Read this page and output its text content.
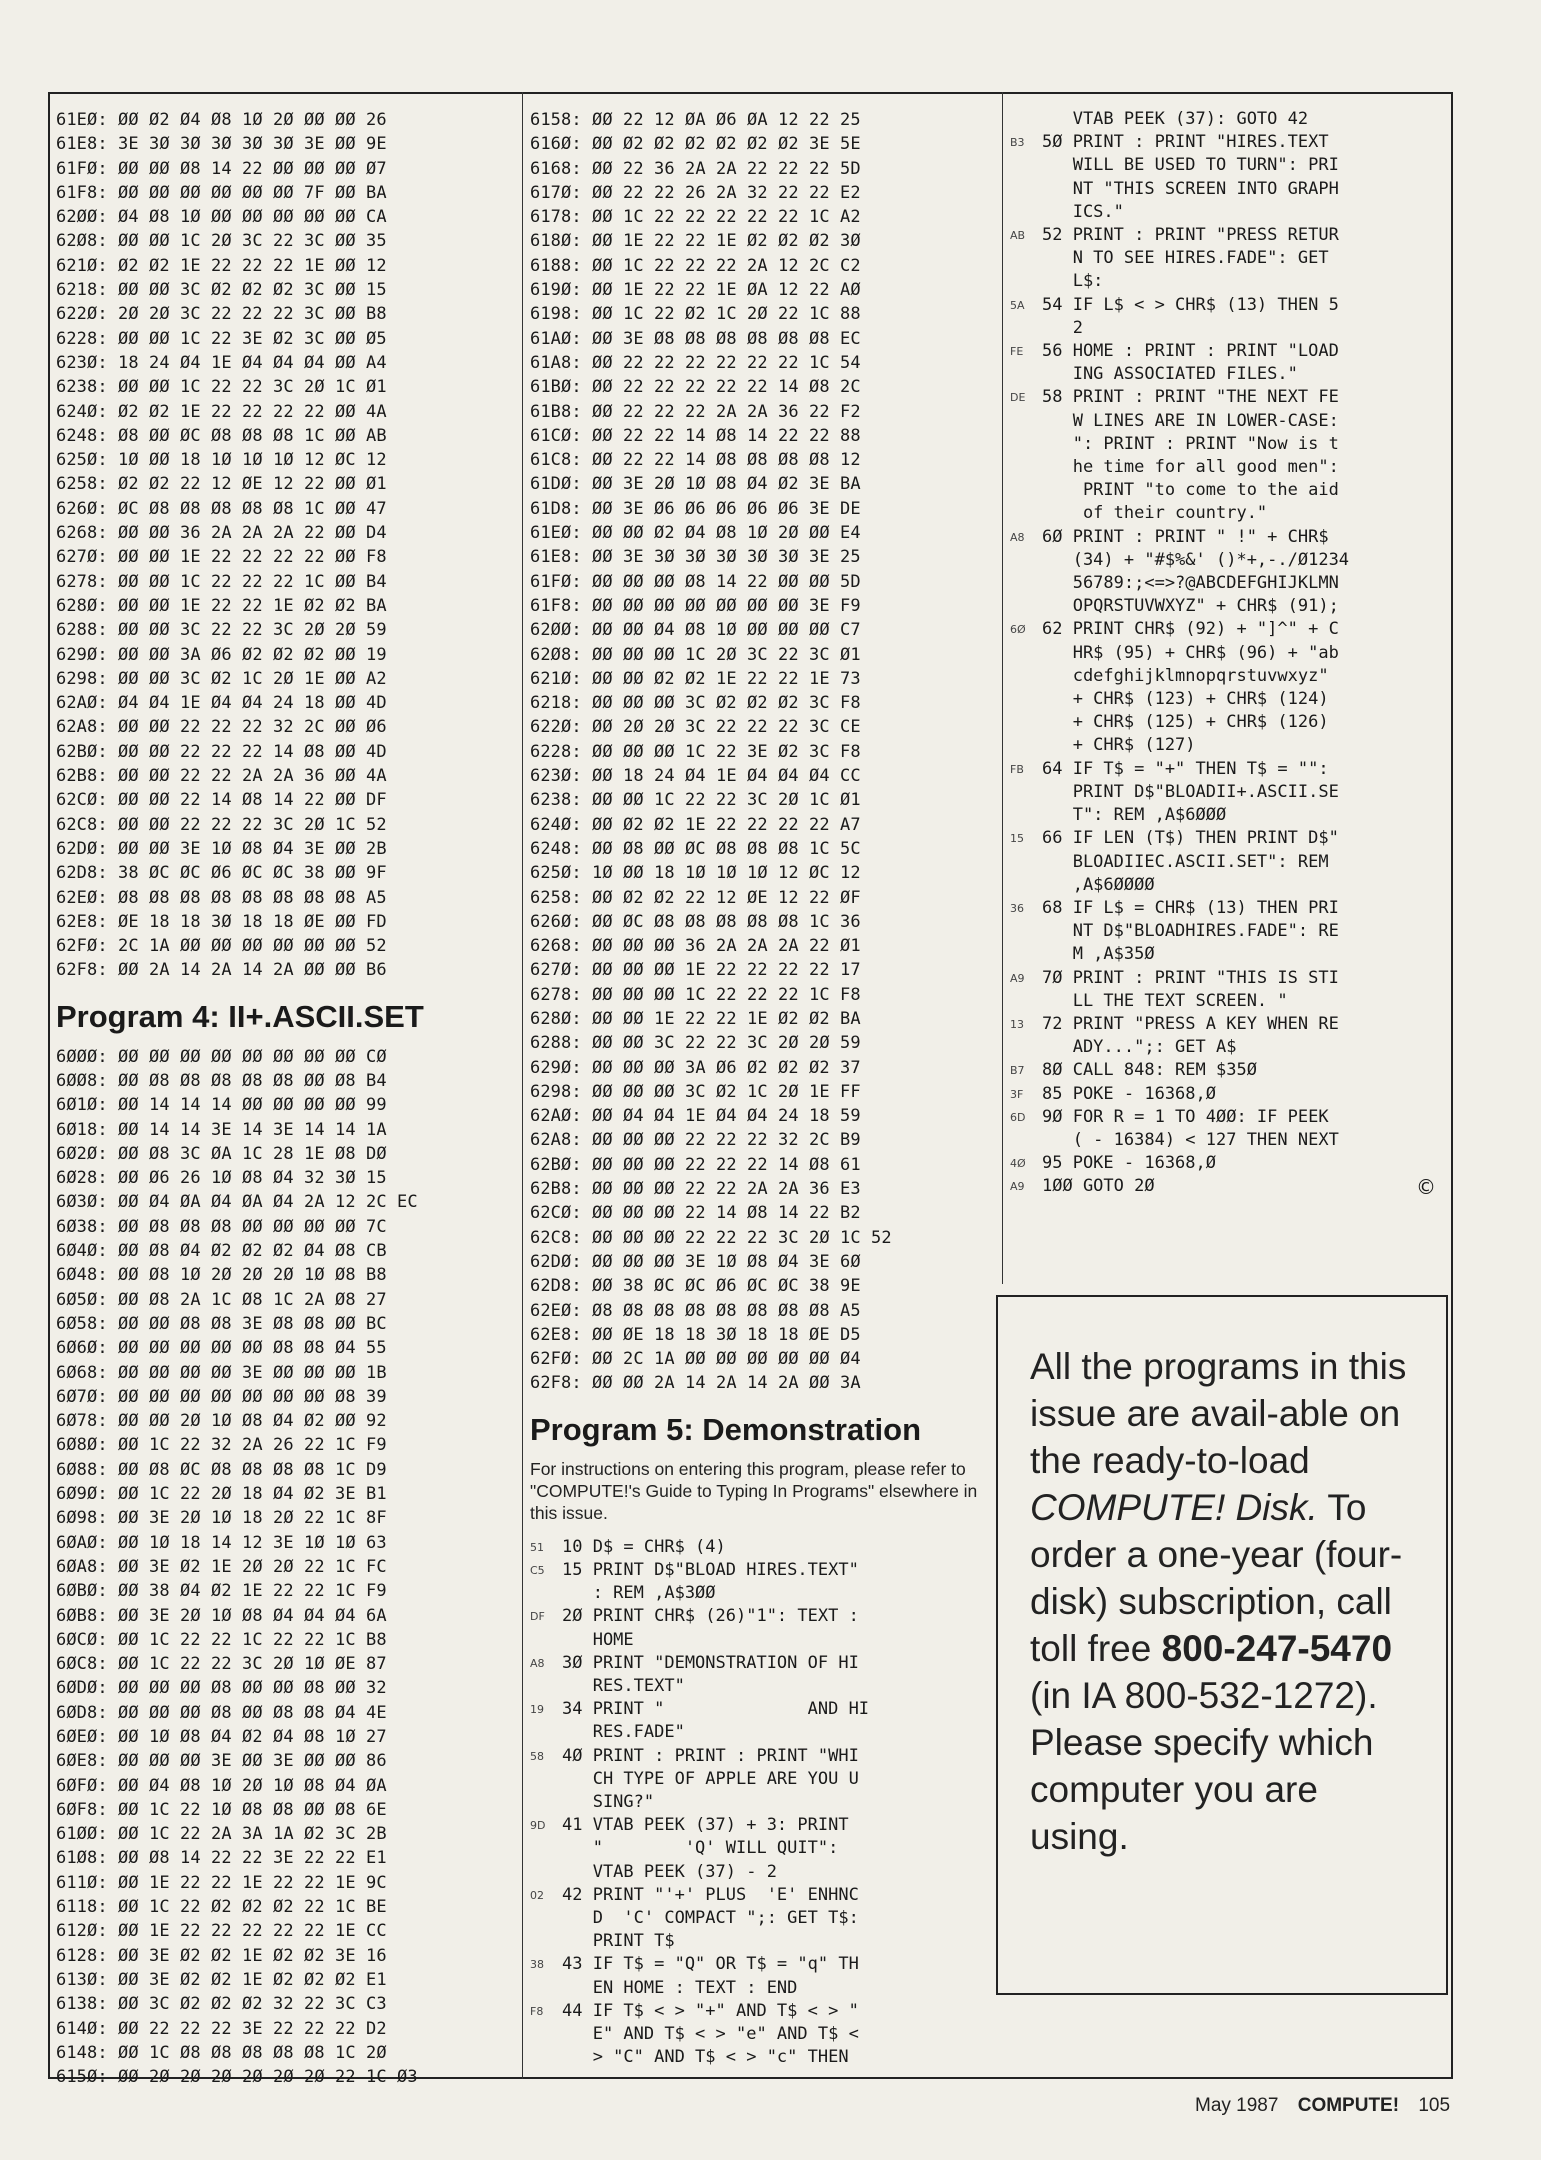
61EØ: ØØ Ø2 Ø4 Ø8 1Ø 2Ø ØØ ØØ 26
61E8: 3E 3Ø 3Ø 3Ø 3Ø 3Ø 3E ØØ 9E
61FØ: ØØ ØØ Ø8 14 22 ØØ ØØ ØØ Ø7
61F8: ØØ ØØ ØØ ØØ ØØ ØØ 7F ØØ BA
62ØØ: Ø4 Ø8 1Ø ØØ ØØ ØØ ØØ ØØ CA
62Ø8: ØØ ØØ 1C 2Ø 3C 22 3C ØØ 35
621Ø: Ø2 Ø2 1E 22 22 22 1E ØØ 12
6218: ØØ ØØ 3C Ø2 Ø2 Ø2 3C ØØ 15
622Ø: 2Ø 2Ø 3C 22 22 22 3C ØØ B8
6228: ØØ ØØ 1C 22 3E Ø2 3C ØØ Ø5
623Ø: 18 24 Ø4 1E Ø4 Ø4 Ø4 ØØ A4
6238: ØØ ØØ 1C 22 22 3C 2Ø 1C Ø1
624Ø: Ø2 Ø2 1E 22 22 22 22 ØØ 4A
6248: Ø8 ØØ ØC Ø8 Ø8 Ø8 1C ØØ AB
625Ø: 1Ø ØØ 18 1Ø 1Ø 1Ø 12 ØC 12
6258: Ø2 Ø2 22 12 ØE 12 22 ØØ Ø1
626Ø: ØC Ø8 Ø8 Ø8 Ø8 Ø8 1C ØØ 47
6268: ØØ ØØ 36 2A 2A 2A 22 ØØ D4
627Ø: ØØ ØØ 1E 22 22 22 22 ØØ F8
6278: ØØ ØØ 1C 22 22 22 1C ØØ B4
628Ø: ØØ ØØ 1E 22 22 1E Ø2 Ø2 BA
6288: ØØ ØØ 3C 22 22 3C 2Ø 2Ø 59
629Ø: ØØ ØØ 3A Ø6 Ø2 Ø2 Ø2 ØØ 19
6298: ØØ ØØ 3C Ø2 1C 2Ø 1E ØØ A2
62AØ: Ø4 Ø4 1E Ø4 Ø4 24 18 ØØ 4D
62A8: ØØ ØØ 22 22 22 32 2C ØØ Ø6
62BØ: ØØ ØØ 22 22 22 14 Ø8 ØØ 4D
62B8: ØØ ØØ 22 22 2A 2A 36 ØØ 4A
62CØ: ØØ ØØ 22 14 Ø8 14 22 ØØ DF
62C8: ØØ ØØ 22 22 22 3C 2Ø 1C 52
62DØ: ØØ ØØ 3E 1Ø Ø8 Ø4 3E ØØ 2B
62D8: 38 ØC ØC Ø6 ØC ØC 38 ØØ 9F
62EØ: Ø8 Ø8 Ø8 Ø8 Ø8 Ø8 Ø8 Ø8 A5
62E8: ØE 18 18 3Ø 18 18 ØE ØØ FD
62FØ: 2C 1A ØØ ØØ ØØ ØØ ØØ ØØ 52
62F8: ØØ 2A 14 2A 14 2A ØØ ØØ B6
Program 4: II+.ASCII.SET
6ØØØ: ØØ ØØ ØØ ØØ ØØ ØØ ØØ ØØ CØ
6ØØ8: ØØ Ø8 Ø8 Ø8 Ø8 Ø8 ØØ Ø8 B4
6Ø1Ø: ØØ 14 14 14 ØØ ØØ ØØ ØØ 99
6Ø18: ØØ 14 14 3E 14 3E 14 14 1A
6Ø2Ø: ØØ Ø8 3C ØA 1C 28 1E Ø8 DØ
6Ø28: ØØ Ø6 26 1Ø Ø8 Ø4 32 3Ø 15
6Ø3Ø: ØØ Ø4 ØA Ø4 ØA Ø4 2A 12 2C EC
6Ø38: ØØ Ø8 Ø8 Ø8 ØØ ØØ ØØ ØØ 7C
6Ø4Ø: ØØ Ø8 Ø4 Ø2 Ø2 Ø2 Ø4 Ø8 CB
6Ø48: ØØ Ø8 1Ø 2Ø 2Ø 2Ø 1Ø Ø8 B8
6Ø5Ø: ØØ Ø8 2A 1C Ø8 1C 2A Ø8 27
6Ø58: ØØ ØØ Ø8 Ø8 3E Ø8 Ø8 ØØ BC
6Ø6Ø: ØØ ØØ ØØ ØØ ØØ Ø8 Ø8 Ø4 55
6Ø68: ØØ ØØ ØØ ØØ 3E ØØ ØØ ØØ 1B
6Ø7Ø: ØØ ØØ ØØ ØØ ØØ ØØ ØØ Ø8 39
6Ø78: ØØ ØØ 2Ø 1Ø Ø8 Ø4 Ø2 ØØ 92
6Ø8Ø: ØØ 1C 22 32 2A 26 22 1C F9
6Ø88: ØØ Ø8 ØC Ø8 Ø8 Ø8 Ø8 1C D9
6Ø9Ø: ØØ 1C 22 2Ø 18 Ø4 Ø2 3E B1
6Ø98: ØØ 3E 2Ø 1Ø 18 2Ø 22 1C 8F
6ØAØ: ØØ 1Ø 18 14 12 3E 1Ø 1Ø 63
6ØA8: ØØ 3E Ø2 1E 2Ø 2Ø 22 1C FC
6ØBØ: ØØ 38 Ø4 Ø2 1E 22 22 1C F9
6ØB8: ØØ 3E 2Ø 1Ø Ø8 Ø4 Ø4 Ø4 6A
6ØCØ: ØØ 1C 22 22 1C 22 22 1C B8
6ØC8: ØØ 1C 22 22 3C 2Ø 1Ø ØE 87
6ØDØ: ØØ ØØ ØØ Ø8 ØØ ØØ Ø8 ØØ 32
6ØD8: ØØ ØØ ØØ Ø8 ØØ Ø8 Ø8 Ø4 4E
6ØEØ: ØØ 1Ø Ø8 Ø4 Ø2 Ø4 Ø8 1Ø 27
6ØE8: ØØ ØØ ØØ 3E ØØ 3E ØØ ØØ 86
6ØFØ: ØØ Ø4 Ø8 1Ø 2Ø 1Ø Ø8 Ø4 ØA
6ØF8: ØØ 1C 22 1Ø Ø8 Ø8 ØØ Ø8 6E
61ØØ: ØØ 1C 22 2A 3A 1A Ø2 3C 2B
61Ø8: ØØ Ø8 14 22 22 3E 22 22 E1
611Ø: ØØ 1E 22 22 1E 22 22 1E 9C
6118: ØØ 1C 22 Ø2 Ø2 Ø2 22 1C BE
612Ø: ØØ 1E 22 22 22 22 22 1E CC
6128: ØØ 3E Ø2 Ø2 1E Ø2 Ø2 3E 16
613Ø: ØØ 3E Ø2 Ø2 1E Ø2 Ø2 Ø2 E1
6138: ØØ 3C Ø2 Ø2 Ø2 32 22 3C C3
614Ø: ØØ 22 22 22 3E 22 22 22 D2
6148: ØØ 1C Ø8 Ø8 Ø8 Ø8 Ø8 1C 2Ø
615Ø: ØØ 2Ø 2Ø 2Ø 2Ø 2Ø 2Ø 22 1C Ø3
6158: ØØ 22 12 ØA Ø6 ØA 12 22 25
616Ø: ØØ Ø2 Ø2 Ø2 Ø2 Ø2 Ø2 3E 5E
6168: ØØ 22 36 2A 2A 22 22 22 5D
617Ø: ØØ 22 22 26 2A 32 22 22 E2
6178: ØØ 1C 22 22 22 22 22 1C A2
618Ø: ØØ 1E 22 22 1E Ø2 Ø2 Ø2 3Ø
6188: ØØ 1C 22 22 22 2A 12 2C C2
619Ø: ØØ 1E 22 22 1E ØA 12 22 AØ
6198: ØØ 1C 22 Ø2 1C 2Ø 22 1C 88
61AØ: ØØ 3E Ø8 Ø8 Ø8 Ø8 Ø8 Ø8 EC
61A8: ØØ 22 22 22 22 22 22 1C 54
61BØ: ØØ 22 22 22 22 22 14 Ø8 2C
61B8: ØØ 22 22 22 2A 2A 36 22 F2
61CØ: ØØ 22 22 14 Ø8 14 22 22 88
61C8: ØØ 22 22 14 Ø8 Ø8 Ø8 Ø8 12
61DØ: ØØ 3E 2Ø 1Ø Ø8 Ø4 Ø2 3E BA
61D8: ØØ 3E Ø6 Ø6 Ø6 Ø6 Ø6 3E DE
61EØ: ØØ ØØ Ø2 Ø4 Ø8 1Ø 2Ø ØØ E4
61E8: ØØ 3E 3Ø 3Ø 3Ø 3Ø 3Ø 3E 25
61FØ: ØØ ØØ ØØ Ø8 14 22 ØØ ØØ 5D
61F8: ØØ ØØ ØØ ØØ ØØ ØØ ØØ 3E F9
62ØØ: ØØ ØØ Ø4 Ø8 1Ø ØØ ØØ ØØ C7
62Ø8: ØØ ØØ ØØ 1C 2Ø 3C 22 3C Ø1
621Ø: ØØ ØØ Ø2 Ø2 1E 22 22 1E 73
6218: ØØ ØØ ØØ 3C Ø2 Ø2 Ø2 3C F8
622Ø: ØØ 2Ø 2Ø 3C 22 22 22 3C CE
6228: ØØ ØØ ØØ 1C 22 3E Ø2 3C F8
623Ø: ØØ 18 24 Ø4 1E Ø4 Ø4 Ø4 CC
6238: ØØ ØØ 1C 22 22 3C 2Ø 1C Ø1
624Ø: ØØ Ø2 Ø2 1E 22 22 22 22 A7
6248: ØØ Ø8 ØØ ØC Ø8 Ø8 Ø8 1C 5C
625Ø: 1Ø ØØ 18 1Ø 1Ø 1Ø 12 ØC 12
6258: ØØ Ø2 Ø2 22 12 ØE 12 22 ØF
626Ø: ØØ ØC Ø8 Ø8 Ø8 Ø8 Ø8 1C 36
6268: ØØ ØØ ØØ 36 2A 2A 2A 22 Ø1
627Ø: ØØ ØØ ØØ 1E 22 22 22 22 17
6278: ØØ ØØ ØØ 1C 22 22 22 1C F8
628Ø: ØØ ØØ 1E 22 22 1E Ø2 Ø2 BA
6288: ØØ ØØ 3C 22 22 3C 2Ø 2Ø 59
629Ø: ØØ ØØ ØØ 3A Ø6 Ø2 Ø2 Ø2 37
6298: ØØ ØØ ØØ 3C Ø2 1C 2Ø 1E FF
62AØ: ØØ Ø4 Ø4 1E Ø4 Ø4 24 18 59
62A8: ØØ ØØ ØØ 22 22 22 32 2C B9
62BØ: ØØ ØØ ØØ 22 22 22 14 Ø8 61
62B8: ØØ ØØ ØØ 22 22 2A 2A 36 E3
62CØ: ØØ ØØ ØØ 22 14 Ø8 14 22 B2
62C8: ØØ ØØ ØØ 22 22 22 3C 2Ø 1C 52
62DØ: ØØ ØØ ØØ 3E 1Ø Ø8 Ø4 3E 6Ø
62D8: ØØ 38 ØC ØC Ø6 ØC ØC 38 9E
62EØ: Ø8 Ø8 Ø8 Ø8 Ø8 Ø8 Ø8 Ø8 A5
62E8: ØØ ØE 18 18 3Ø 18 18 ØE D5
62FØ: ØØ 2C 1A ØØ ØØ ØØ ØØ ØØ Ø4
62F8: ØØ ØØ 2A 14 2A 14 2A ØØ 3A
Program 5: Demonstration
For instructions on entering this program, please refer to "COMPUTE!'s Guide to Typing In Programs" elsewhere in this issue.
51	10 D$ = CHR$ (4)
C5	15 PRINT D$"BLOAD HIRES.TEXT"
: REM ,A$3ØØ
DF	2Ø PRINT CHR$ (26)"1": TEXT :
HOME
A8	3Ø PRINT "DEMONSTRATION OF HI
RES.TEXT"
19	34 PRINT "              AND HI
RES.FADE"
58	4Ø PRINT : PRINT : PRINT "WHI
CH TYPE OF APPLE ARE YOU U
SING?"
9D 41 VTAB PEEK (37) + 3: PRINT
"        'Q' WILL QUIT":
VTAB PEEK (37) - 2
02	42 PRINT "'+' PLUS  'E' ENHNC
D  'C' COMPACT ";: GET T$:
PRINT T$
38	43 IF T$ = "Q" OR T$ = "q" TH
EN HOME : TEXT : END
F8	44 IF T$ < > "+" AND T$ < > "
E" AND T$ < > "e" AND T$ <
> "C" AND T$ < > "c" THEN
VTAB PEEK (37): GOTO 42
B3	5Ø PRINT : PRINT "HIRES.TEXT
WILL BE USED TO TURN": PRI
NT "THIS SCREEN INTO GRAPH
ICS."
AB 52 PRINT : PRINT "PRESS RETUR
N TO SEE HIRES.FADE": GET
L$:
5A	54 IF L$ < > CHR$ (13) THEN 5
2
FE	56 HOME : PRINT : PRINT "LOAD
ING ASSOCIATED FILES."
DE 58 PRINT : PRINT "THE NEXT FE
W LINES ARE IN LOWER-CASE:
": PRINT : PRINT "Now is t
he time for all good men":
PRINT "to come to the aid
of their country."
A8	6Ø PRINT : PRINT " !" + CHR$
(34) + "#$%&' ()*+,-./Ø1234
56789:;<=>?@ABCDEFGHIJKLMN
OPQRSTUVWXYZ" + CHR$ (91);
6Ø 62 PRINT CHR$ (92) + "]^" + C
HR$ (95) + CHR$ (96) + "ab
cdefghijklmnopqrstuvwxyz"
+ CHR$ (123) + CHR$ (124)
+ CHR$ (125) + CHR$ (126)
+ CHR$ (127)
FB	64 IF T$ = "+" THEN T$ = "":
PRINT D$"BLOADII+.ASCII.SE
T": REM ,A$6ØØØ
15	66 IF LEN (T$) THEN PRINT D$"
BLOADIIEC.ASCII.SET": REM
,A$6ØØØØ
36	68 IF L$ = CHR$ (13) THEN PRI
NT D$"BLOADHIRES.FADE": RE
M ,A$35Ø
A9	7Ø PRINT : PRINT "THIS IS STI
LL THE TEXT SCREEN. "
13	72 PRINT "PRESS A KEY WHEN RE
ADY...";: GET A$
B7	8Ø CALL 848: REM $35Ø
3F	85 POKE - 16368,Ø
6D 9Ø FOR R = 1 TO 4ØØ: IF PEEK
( - 16384) < 127 THEN NEXT
4Ø 95 POKE - 16368,Ø
A9	1ØØ GOTO 2Ø	©
All the programs in this issue are avail-able on the ready-to-load COMPUTE! Disk. To order a one-year (four-disk) subscription, call toll free 800-247-5470 (in IA 800-532-1272). Please specify which computer you are using.
May 1987 COMPUTE! 105
